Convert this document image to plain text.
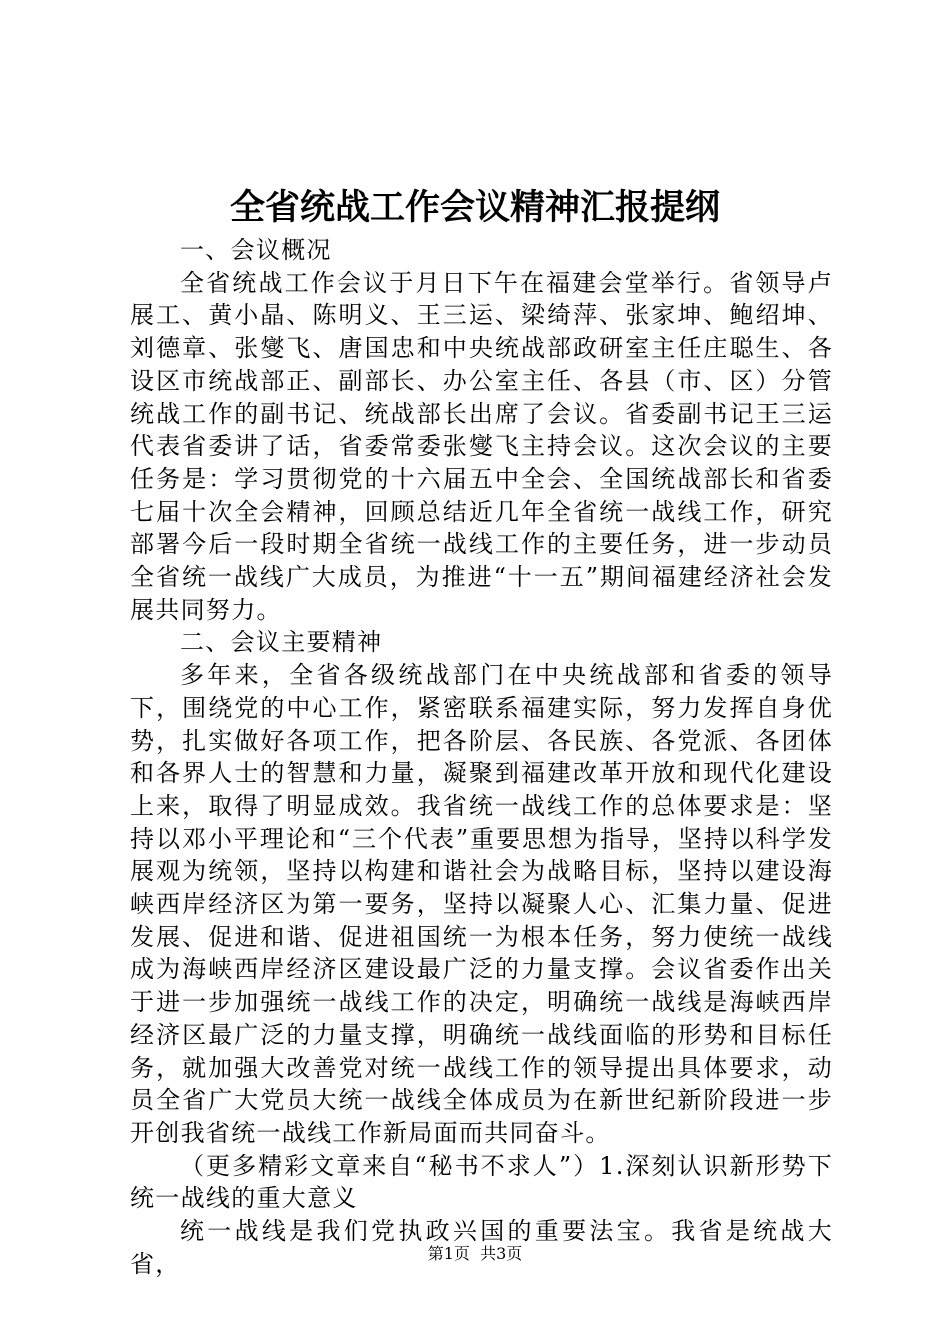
全省统战工作会议精神汇报提纲

一、会议概况

全省统战工作会议于月日下午在福建会堂举行。省领导卢展工、黄小晶、陈明义、王三运、梁绮萍、张家坤、鲍绍坤、刘德章、张燮飞、唐国忠和中央统战部政研室主任庄聪生、各设区市统战部正、副部长、办公室主任、各县（市、区）分管统战工作的副书记、统战部长出席了会议。省委副书记王三运代表省委讲了话，省委常委张燮飞主持会议。这次会议的主要任务是：学习贯彻党的十六届五中全会、全国统战部长和省委七届十次全会精神，回顾总结近几年全省统一战线工作，研究部署今后一段时期全省统一战线工作的主要任务，进一步动员全省统一战线广大成员，为推进“十一五”期间福建经济社会发展共同努力。

二、会议主要精神

多年来，全省各级统战部门在中央统战部和省委的领导下，围绕党的中心工作，紧密联系福建实际，努力发挥自身优势，扎实做好各项工作，把各阶层、各民族、各党派、各团体和各界人士的智慧和力量，凝聚到福建改革开放和现代化建设上来，取得了明显成效。我省统一战线工作的总体要求是：坚持以邓小平理论和“三个代表”重要思想为指导，坚持以科学发展观为统领，坚持以构建和谐社会为战略目标，坚持以建设海峡西岸经济区为第一要务，坚持以凝聚人心、汇集力量、促进发展、促进和谐、促进祖国统一为根本任务，努力使统一战线成为海峡西岸经济区建设最广泛的力量支撑。会议省委作出关于进一步加强统一战线工作的决定，明确统一战线是海峡西岸经济区最广泛的力量支撑，明确统一战线面临的形势和目标任务，就加强大改善党对统一战线工作的领导提出具体要求，动员全省广大党员大统一战线全体成员为在新世纪新阶段进一步开创我省统一战线工作新局面而共同奋斗。

（更多精彩文章来自“秘书不求人”）1.深刻认识新形势下统一战线的重大意义

统一战线是我们党执政兴国的重要法宝。我省是统战大省，	第1页  共3页
